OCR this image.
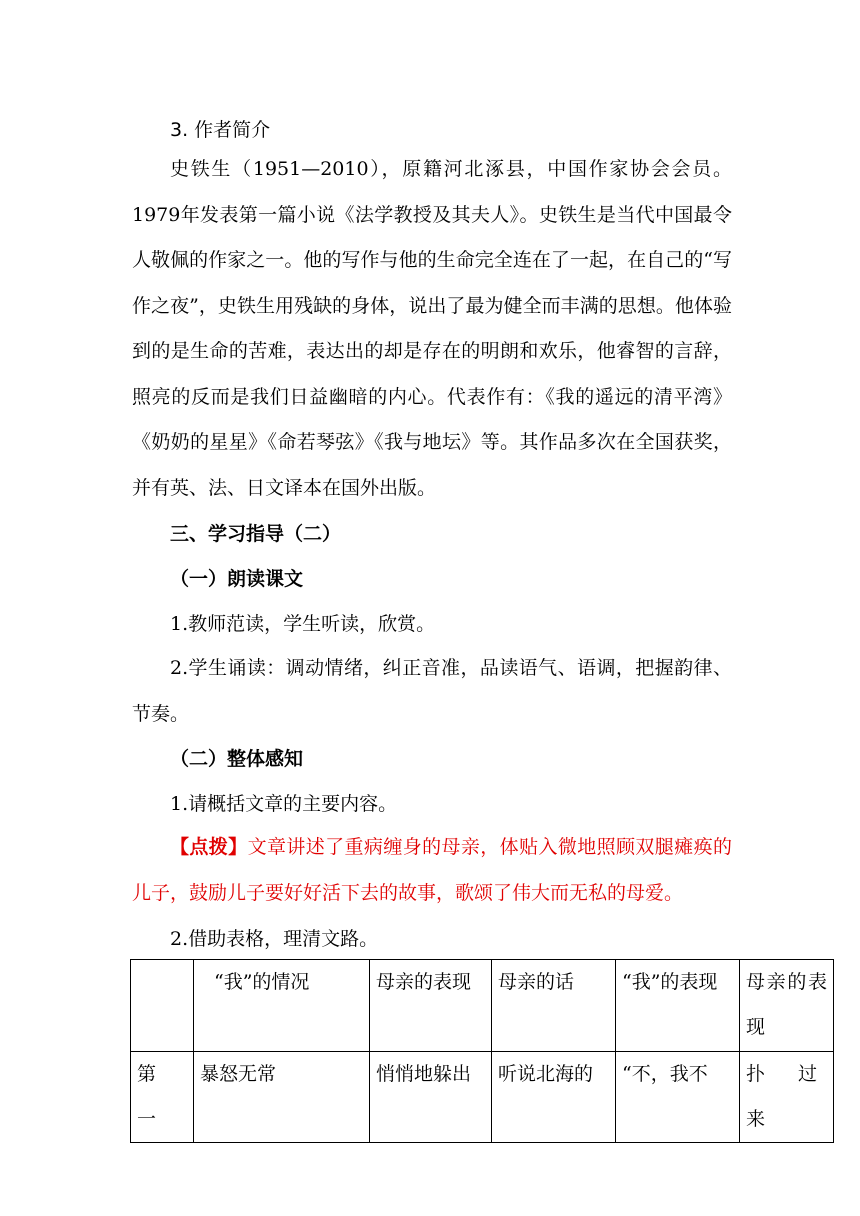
3. 作者简介
史铁生（1951—2010），原籍河北涿县，中国作家协会会员。1979年发表第一篇小说《法学教授及其夫人》。史铁生是当代中国最令人敬佩的作家之一。他的写作与他的生命完全连在了一起，在自己的“写作之夜”，史铁生用残缺的身体，说出了最为健全而丰满的思想。他体验到的是生命的苦难，表达出的却是存在的明朗和欢乐，他睿智的言辞，照亮的反而是我们日益幽暗的内心。代表作有：《我的遥远的清平湾》《奶奶的星星》《命若琴弦》《我与地坛》等。其作品多次在全国获奖，并有英、法、日文译本在国外出版。
三、学习指导（二）
（一）朗读课文
1.教师范读，学生听读，欣赏。
2.学生诵读：调动情绪，纠正音准，品读语气、语调，把握韵律、节奏。
（二）整体感知
1.请概括文章的主要内容。
【点拨】文章讲述了重病缠身的母亲，体贴入微地照顾双腿瘫痪的儿子，鼓励儿子要好好活下去的故事，歌颂了伟大而无私的母爱。
2.借助表格，理清文路。
	“我”的情况	母亲的表现	母亲的话	“我”的表现	母亲的表现
第一	暴怒无常	悄悄地躲出	听说北海的	“不，我不	扑过来
